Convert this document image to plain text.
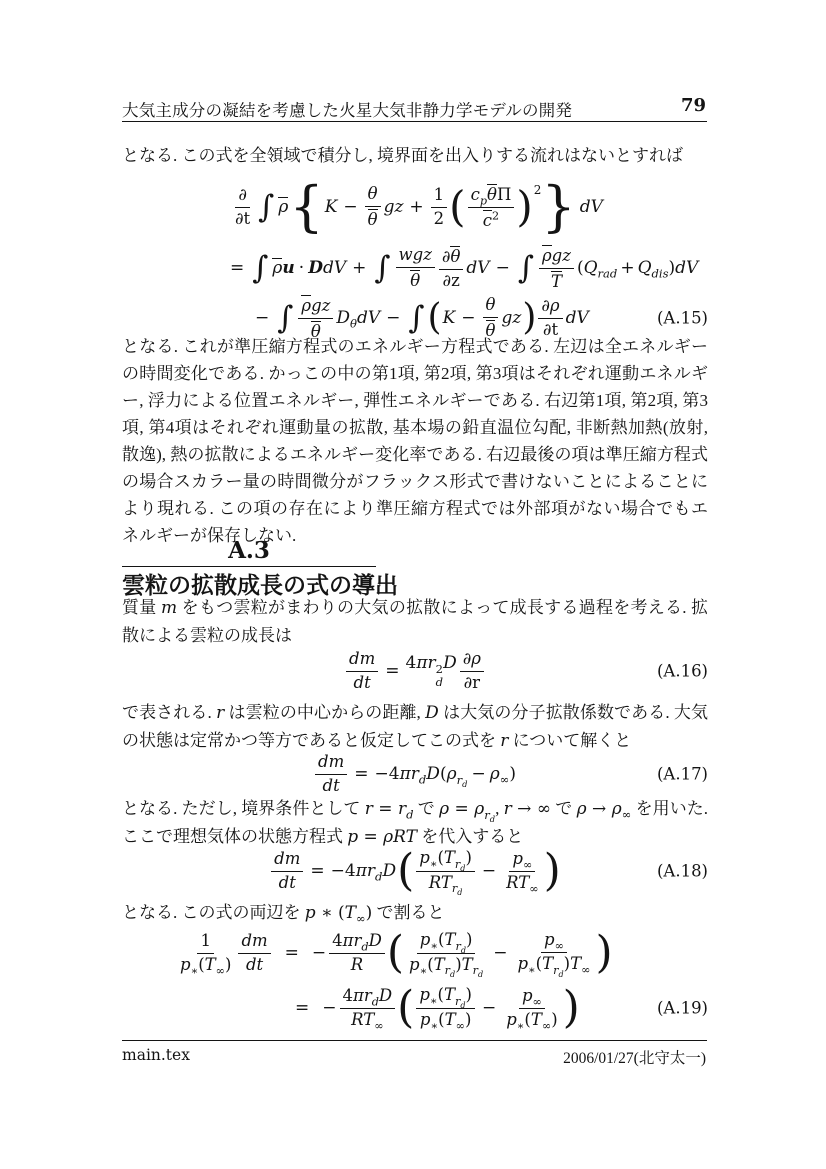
大気主成分の凝結を考慮した火星大気非静力学モデルの開発	79
となる. この式を全領域で積分し, 境界面を出入りする流れはないとすれば
$\frac{\partial}{\partial t}$ ∫ ρ { $K - \frac{\theta}{\theta}$ gz + $\frac{1}{2}$ ( $\frac{c_p\theta\Pi}{c^2}$ ) 2 } dV
= ∫ ρu · DdV + ∫ $\frac{\text{wgz}}{\theta} \frac{\partial\theta}{\partial z}$ dV − ∫ $\frac{\text{ρgz}}{T} (Q_{rad} + Q_{dis})dV$
− ∫ $\frac{\text{ρgz}}{\theta} D_\theta dV$ − ∫ ( $K - \frac{\theta}{\theta}$ gz ) $\frac{\partial\rho}{\partial t}$ dV	(A.15)
となる. これが準圧縮方程式のエネルギー方程式である. 左辺は全エネルギーの時間変化である. かっこの中の第1項, 第2項, 第3項はそれぞれ運動エネルギー, 浮力による位置エネルギー, 弾性エネルギーである. 右辺第1項, 第2項, 第3項, 第4項はそれぞれ運動量の拡散, 基本場の鉛直温位勾配, 非断熱加熱(放射, 散逸), 熱の拡散によるエネルギー変化率である. 右辺最後の項は準圧縮方程式の場合スカラー量の時間微分がフラックス形式で書けないことによることにより現れる. この項の存在により準圧縮方程式では外部項がない場合でもエネルギーが保存しない.
A.3
雲粒の拡散成長の式の導出
質量 m をもつ雲粒がまわりの大気の拡散によって成長する過程を考える. 拡散による雲粒の成長は
$\frac{dm}{dt} = 4\pi r$ 2
d
D $\frac{\partial\rho}{\partial r}$	(A.16)
で表される. r は雲粒の中心からの距離, D は大気の分子拡散係数である. 大気の状態は定常かつ等方であると仮定してこの式を r について解くと
$\frac{dm}{dt} = -4\pi r_dD(\rho_{r_d} - \rho_\infty)$	(A.17)
となる. ただし, 境界条件として $r = r_d$ で $\rho = \rho_{r_d}$, r → ∞ で $\rho \to \rho_\infty$ を用いた. ここで理想気体の状態方程式 p = ρRT を代入すると
$\frac{dm}{dt} = -4\pi r_dD$ ( $\frac{p_∗(T_{r_d})}{RT_{r_d}} - \frac{p_\infty}{RT_\infty}$ )	(A.18)
となる. この式の両辺を p ∗ $(T_\infty)$ で割ると
$\frac{1}{p_∗(T_\infty)} \frac{dm}{dt}$ = − $\frac{4\pi r_dD}{R}$ ( $\frac{p_∗(T_{r_d})}{p_∗(T_{r_d})T_{r_d}} - \frac{p_\infty}{p_∗(T_{r_d})T_\infty}$ )
= − $\frac{4\pi r_dD}{RT_\infty}$ ( $\frac{p_∗(T_{r_d})}{p_∗(T_\infty)} - \frac{p_\infty}{p_∗(T_\infty)}$ )	(A.19)
main.tex	2006/01/27(北守太一)
